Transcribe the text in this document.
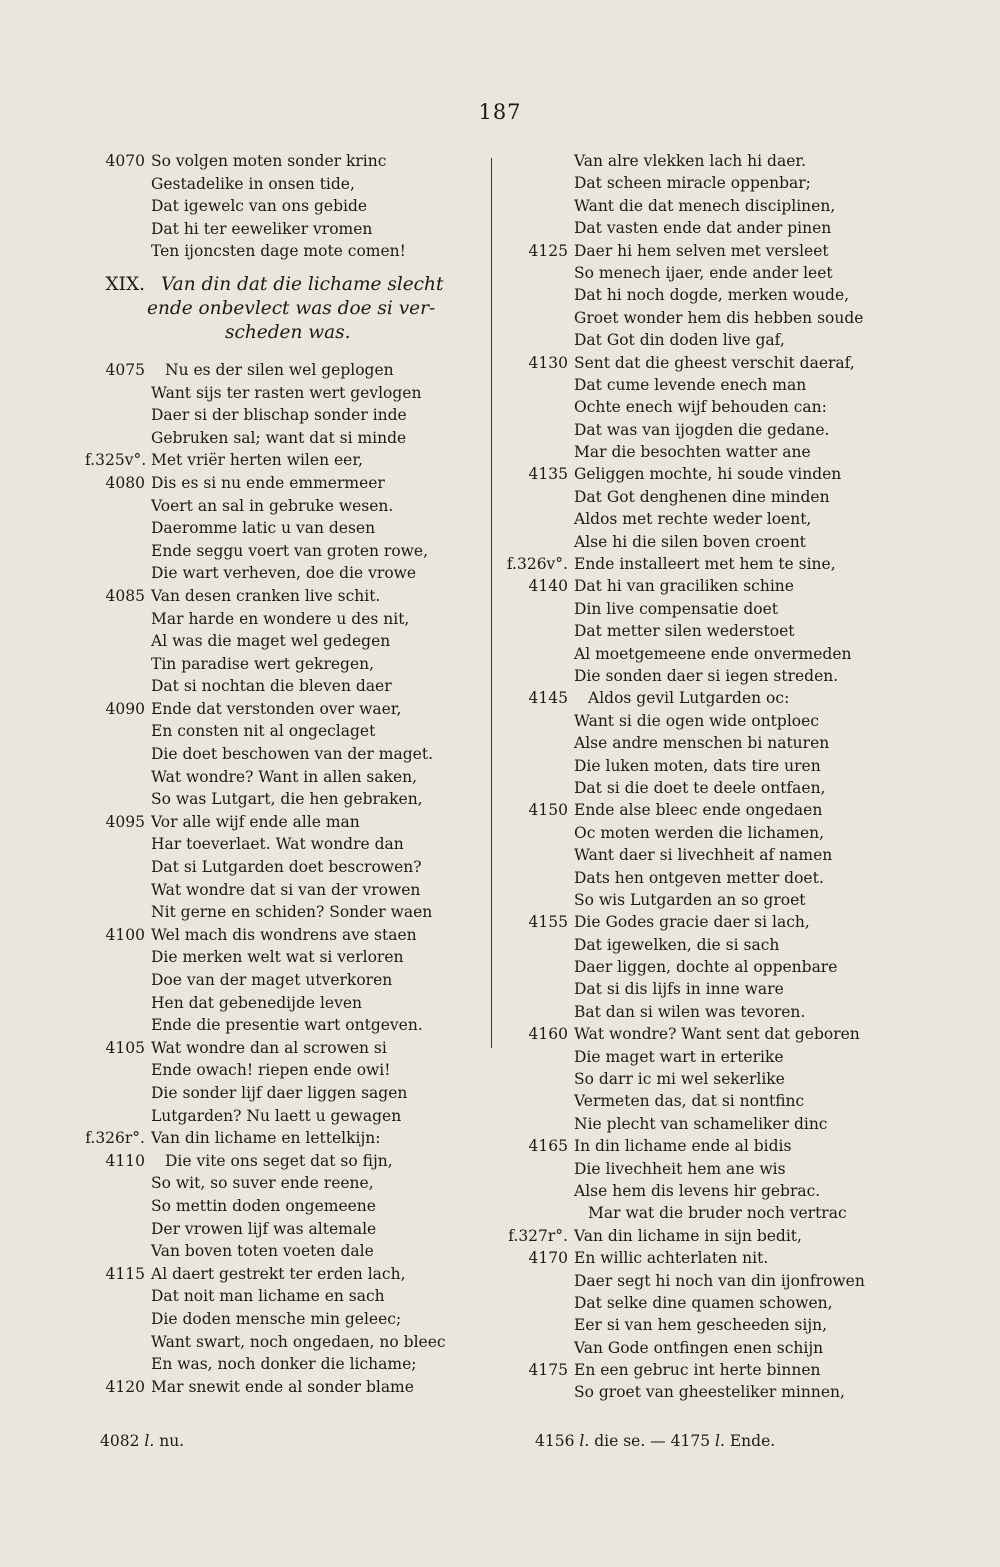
187
4070 So volgen moten sonder krinc
Gestadelike in onsen tide,
Dat igewelc van ons gebide
Dat hi ter eeweliker vromen
Ten ijoncsten dage mote comen!
XIX. Van din dat die lichame slecht
ende onbevlect was doe si ver-
scheden was.
4075	Nu es der silen wel geplogen
Want sijs ter rasten wert gevlogen
Daer si der blischap sonder inde
Gebruken sal; want dat si minde
f.325v°. Met vriër herten wilen eer,
4080 Dis es si nu ende emmermeer
Voert an sal in gebruke wesen.
Daeromme latic u van desen
Ende seggu voert van groten rowe,
Die wart verheven, doe die vrowe
4085 Van desen cranken live schit.
Mar harde en wondere u des nit,
Al was die maget wel gedegen
Tin paradise wert gekregen,
Dat si nochtan die bleven daer
4090 Ende dat verstonden over waer,
En consten nit al ongeclaget
Die doet beschowen van der maget.
Wat wondre? Want in allen saken,
So was Lutgart, die hen gebraken,
4095 Vor alle wijf ende alle man
Har toeverlaet. Wat wondre dan
Dat si Lutgarden doet bescrowen?
Wat wondre dat si van der vrowen
Nit gerne en schiden? Sonder waen
4100 Wel mach dis wondrens ave staen
Die merken welt wat si verloren
Doe van der maget utverkoren
Hen dat gebenedijde leven
Ende die presentie wart ontgeven.
4105 Wat wondre dan al scrowen si
Ende owach! riepen ende owi!
Die sonder lijf daer liggen sagen
Lutgarden? Nu laett u gewagen
f.326r°. Van din lichame en lettelkijn:
4110	Die vite ons seget dat so fijn,
So wit, so suver ende reene,
So mettin doden ongemeene
Der vrowen lijf was altemale
Van boven toten voeten dale
4115 Al daert gestrekt ter erden lach,
Dat noit man lichame en sach
Die doden mensche min geleec;
Want swart, noch ongedaen, no bleec
En was, noch donker die lichame;
4120 Mar snewit ende al sonder blame
Van alre vlekken lach hi daer.
Dat scheen miracle oppenbar;
Want die dat menech disciplinen,
Dat vasten ende dat ander pinen
4125 Daer hi hem selven met versleet
So menech ijaer, ende ander leet
Dat hi noch dogde, merken woude,
Groet wonder hem dis hebben soude
Dat Got din doden live gaf,
4130 Sent dat die gheest verschit daeraf,
Dat cume levende enech man
Ochte enech wijf behouden can:
Dat was van ijogden die gedane.
Mar die besochten watter ane
4135 Geliggen mochte, hi soude vinden
Dat Got denghenen dine minden
Aldos met rechte weder loent,
Alse hi die silen boven croent
f.326v°. Ende installeert met hem te sine,
4140 Dat hi van graciliken schine
Din live compensatie doet
Dat metter silen wederstoet
Al moetgemeene ende onvermeden
Die sonden daer si iegen streden.
4145	Aldos gevil Lutgarden oc:
Want si die ogen wide ontploec
Alse andre menschen bi naturen
Die luken moten, dats tire uren
Dat si die doet te deele ontfaen,
4150 Ende alse bleec ende ongedaen
Oc moten werden die lichamen,
Want daer si livechheit af namen
Dats hen ontgeven metter doet.
So wis Lutgarden an so groet
4155 Die Godes gracie daer si lach,
Dat igewelken, die si sach
Daer liggen, dochte al oppenbare
Dat si dis lijfs in inne ware
Bat dan si wilen was tevoren.
4160 Wat wondre? Want sent dat geboren
Die maget wart in erterike
So darr ic mi wel sekerlike
Vermeten das, dat si nontfinc
Nie plecht van schameliker dinc
4165 In din lichame ende al bidis
Die livechheit hem ane wis
Alse hem dis levens hir gebrac.
Mar wat die bruder noch vertrac
f.327r°. Van din lichame in sijn bedit,
4170 En willic achterlaten nit.
Daer segt hi noch van din ijonfrowen
Dat selke dine quamen schowen,
Eer si van hem gescheeden sijn,
Van Gode ontfingen enen schijn
4175 En een gebruc int herte binnen
So groet van gheesteliker minnen,
4082 l. nu.	4156 l. die se. — 4175 l. Ende.
